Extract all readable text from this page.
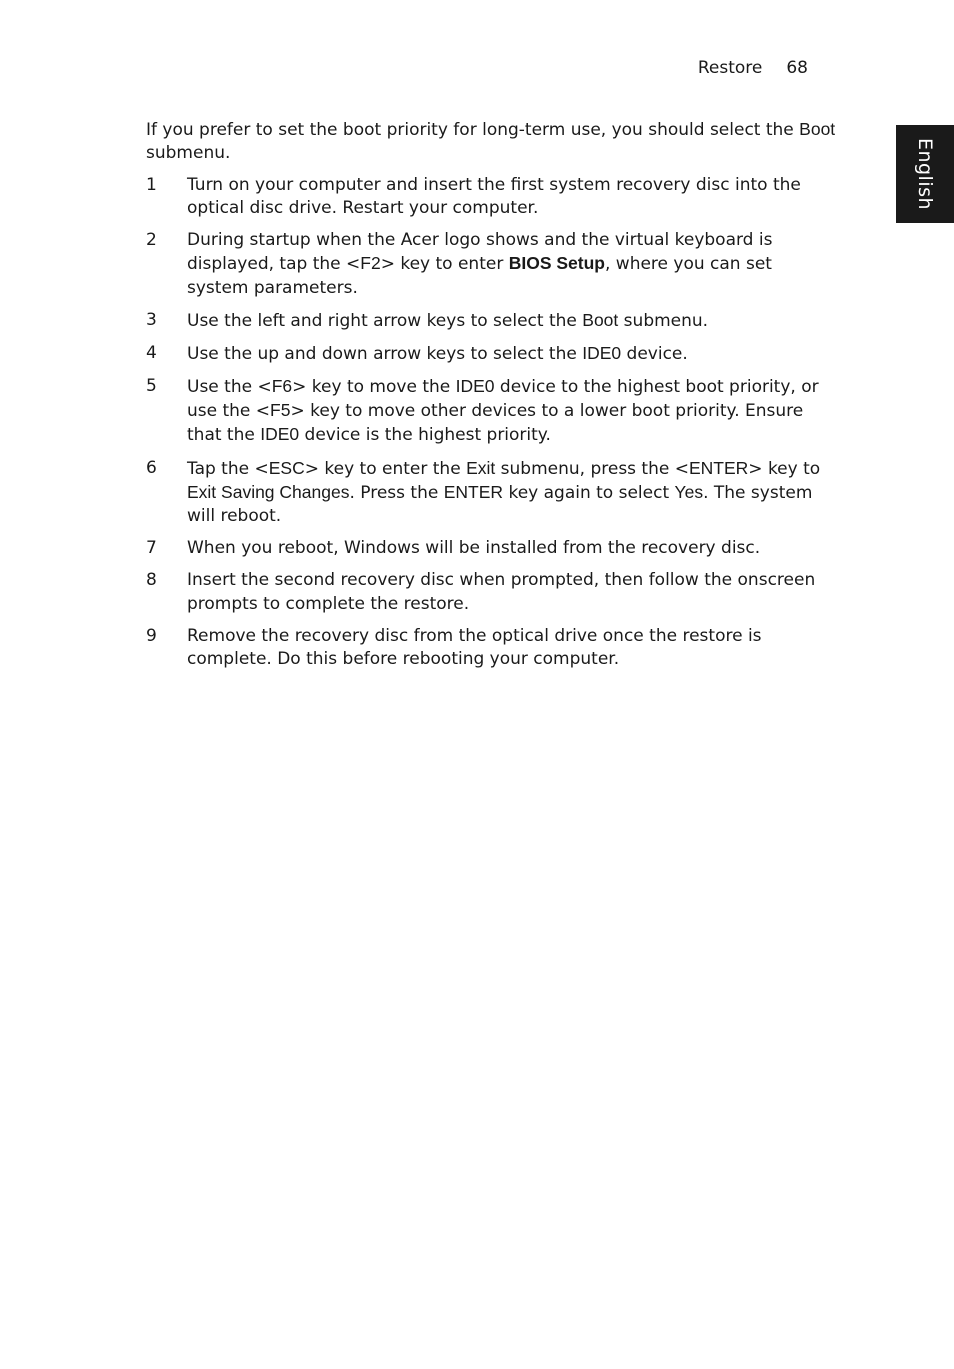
Restore 68
English

If you prefer to set the boot priority for long-term use, you should select the Boot submenu.

1 Turn on your computer and insert the first system recovery disc into the optical disc drive. Restart your computer.
2 During startup when the Acer logo shows and the virtual keyboard is displayed, tap the <F2> key to enter BIOS Setup, where you can set system parameters.
3 Use the left and right arrow keys to select the Boot submenu.
4 Use the up and down arrow keys to select the IDE0 device.
5 Use the <F6> key to move the IDE0 device to the highest boot priority, or use the <F5> key to move other devices to a lower boot priority. Ensure that the IDE0 device is the highest priority.
6 Tap the <ESC> key to enter the Exit submenu, press the <ENTER> key to Exit Saving Changes. Press the ENTER key again to select Yes. The system will reboot.
7 When you reboot, Windows will be installed from the recovery disc.
8 Insert the second recovery disc when prompted, then follow the onscreen prompts to complete the restore.
9 Remove the recovery disc from the optical drive once the restore is complete. Do this before rebooting your computer.
